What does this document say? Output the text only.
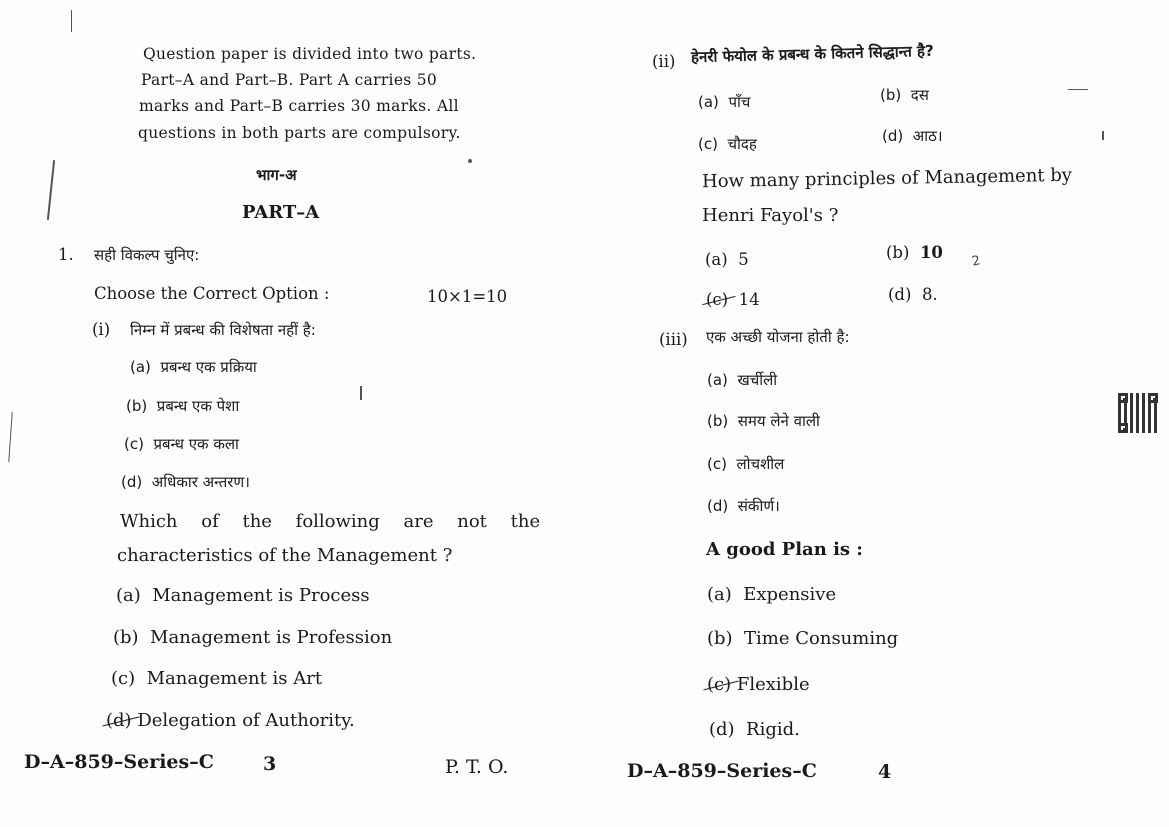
Question paper is divided into two parts.
Part–A and Part–B. Part A carries 50
marks and Part–B carries 30 marks. All
questions in both parts are compulsory.
भाग-अ
PART–A
1. सही विकल्प चुनिए:
Choose the Correct Option :	10×1=10
(i) निम्न में प्रबन्ध की विशेषता नहीं है:
(a) प्रबन्ध एक प्रक्रिया
(b) प्रबन्ध एक पेशा
(c) प्रबन्ध एक कला
(d) अधिकार अन्तरण।
Which of the following are not the
characteristics of the Management ?
(a) Management is Process
(b) Management is Profession
(c) Management is Art
(d) Delegation of Authority.
D–A–859–Series–C	3	P. T. O.
(ii) हेनरी फेयोल के प्रबन्ध के कितने सिद्धान्त है?
(a) पाँच	(b) दस
(c) चौदह	(d) आठ।
How many principles of Management by
Henri Fayol's ?
(a) 5	(b) 10
(c) 14	(d) 8.
2
(iii) एक अच्छी योजना होती है:
(a) खर्चीली
(b) समय लेने वाली
(c) लोचशील
(d) संकीर्ण।
A good Plan is :
(a) Expensive
(b) Time Consuming
(c) Flexible
(d) Rigid.
D–A–859–Series–C	4
